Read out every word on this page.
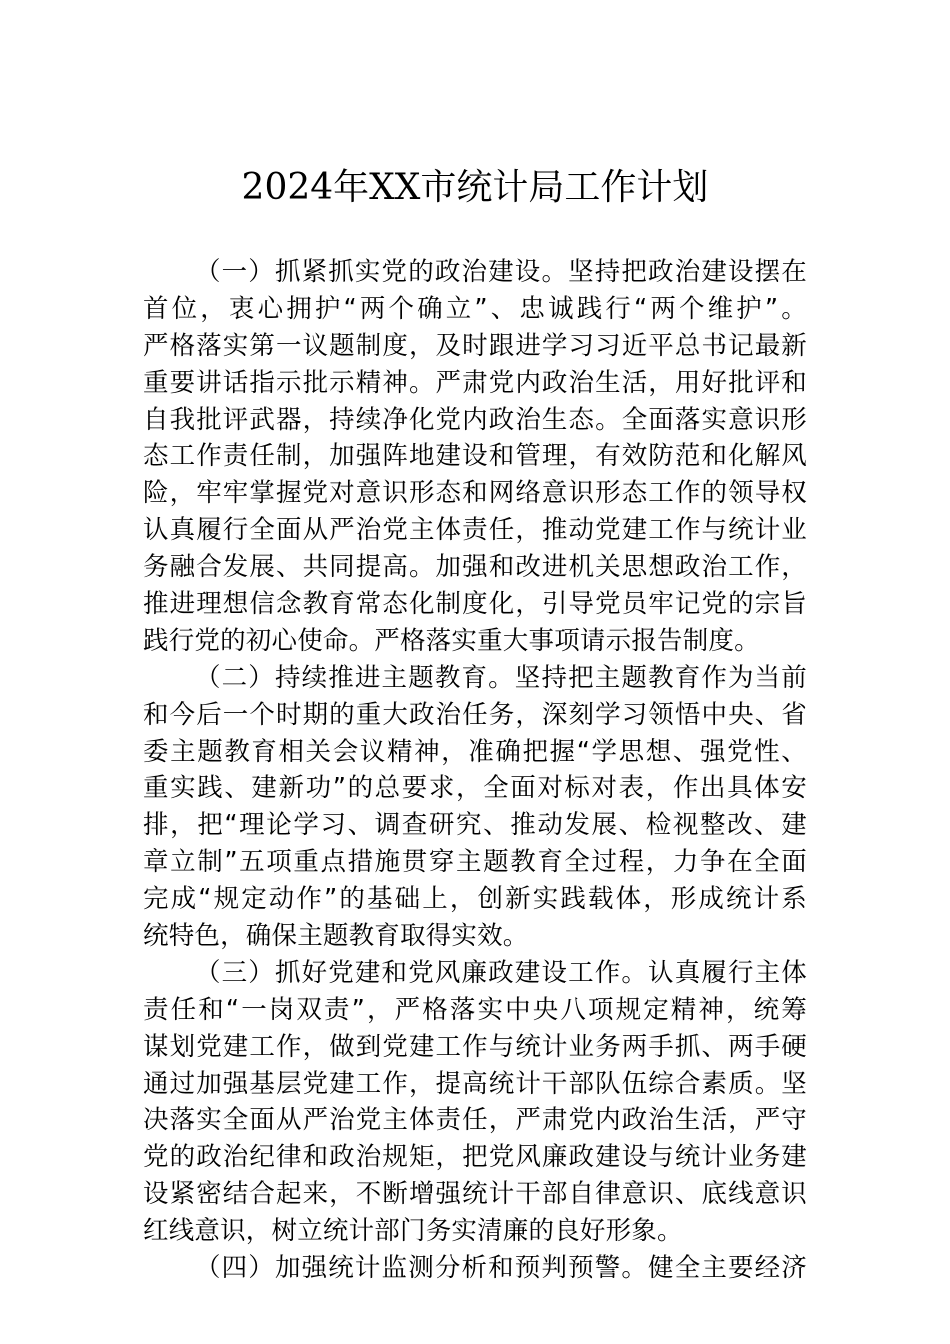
2024年XX市统计局工作计划
（一）抓紧抓实党的政治建设。坚持把政治建设摆在
首位，衷心拥护“两个确立”、忠诚践行“两个维护”。
严格落实第一议题制度，及时跟进学习习近平总书记最新
重要讲话指示批示精神。严肃党内政治生活，用好批评和
自我批评武器，持续净化党内政治生态。全面落实意识形
态工作责任制，加强阵地建设和管理，有效防范和化解风
险，牢牢掌握党对意识形态和网络意识形态工作的领导权
认真履行全面从严治党主体责任，推动党建工作与统计业
务融合发展、共同提高。加强和改进机关思想政治工作，
推进理想信念教育常态化制度化，引导党员牢记党的宗旨
践行党的初心使命。严格落实重大事项请示报告制度。
（二）持续推进主题教育。坚持把主题教育作为当前
和今后一个时期的重大政治任务，深刻学习领悟中央、省
委主题教育相关会议精神，准确把握“学思想、强党性、
重实践、建新功”的总要求，全面对标对表，作出具体安
排，把“理论学习、调查研究、推动发展、检视整改、建
章立制”五项重点措施贯穿主题教育全过程，力争在全面
完成“规定动作”的基础上，创新实践载体，形成统计系
统特色，确保主题教育取得实效。
（三）抓好党建和党风廉政建设工作。认真履行主体
责任和“一岗双责”，严格落实中央八项规定精神，统筹
谋划党建工作，做到党建工作与统计业务两手抓、两手硬
通过加强基层党建工作，提高统计干部队伍综合素质。坚
决落实全面从严治党主体责任，严肃党内政治生活，严守
党的政治纪律和政治规矩，把党风廉政建设与统计业务建
设紧密结合起来，不断增强统计干部自律意识、底线意识
红线意识，树立统计部门务实清廉的良好形象。
（四）加强统计监测分析和预判预警。健全主要经济
